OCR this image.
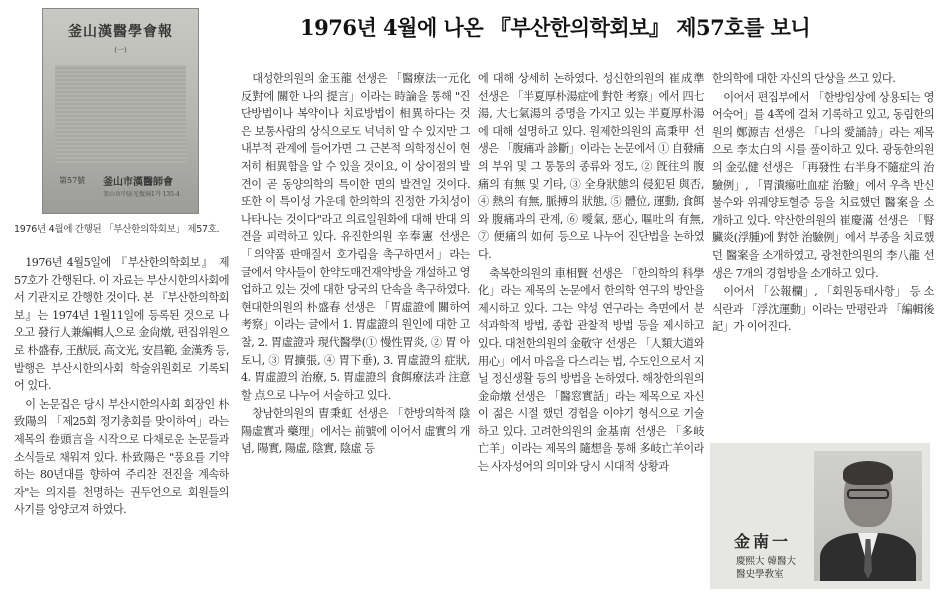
釜山漢醫學會報
(一)
第57號 釜山市漢醫師會
釜山市中區光復洞1가 135-4
1976년 4월에 간행된 「부산한의학회보」 제57호.
1976년 4월에 나온 『부산한의학회보』 제57호를 보니

1976년 4월5일에 『부산한의학회보』 제57호가 간행된다. 이 자료는 부산시한의사회에서 기관지로 간행한 것이다. 본 『부산한의학회보』는 1974년 1월11일에 등록된 것으로 나오고 發行人兼編輯人으로 金尙燉, 편집위원으로 朴盛春, 王猷辰, 高文光, 安昌範, 金漢秀 등, 발행은 부산시한의사회 학술위원회로 기록되어 있다.

이 논문집은 당시 부산시한의사회 회장인 朴致陽의 「제25회 정기총회를 맞이하여」라는 제목의 卷頭言을 시작으로 다채로운 논문들과 소식들로 채워져 있다. 朴致陽은 "풍요를 기약하는 80년대를 향하여 주리찬 전진을 계속하자"는 의지를 천명하는 권두언으로 회원들의 사기를 앙양코져 하였다.

대성한의원의 金玉龍 선생은 「醫療法一元化 反對에 關한 나의 提言」이라는 時論을 통해 "진단방법이나 복약이나 치료방법이 相異하다는 것은 보통사람의 상식으로도 넉넉히 알 수 있지만 그 내부적 관계에 들어가면 그 근본적 의학정신이 현저히 相異함을 알 수 있을 것이요, 이 상이점의 발견이 곧 동양의학의 특이한 면의 발견일 것이다. 또한 이 특이성 가운데 한의학의 진정한 가치성이 나타나는 것이다"라고 의료일원화에 대해 반대 의견을 피력하고 있다. 유진한의원 辛奉憲 선생은 「의약품 판매질서 호가림을 촉구하면서」라는 글에서 약사들이 한약도매건재약방을 개설하고 영업하고 있는 것에 대한 당국의 단속을 촉구하였다. 현대한의원의 朴盛春 선생은 「胃虛證에 關하여 考察」이라는 글에서 1. 胃虛證의 원인에 대한 고찰, 2. 胃虛證과 現代醫學(① 慢性胃炎, ② 胃 아토니, ③ 胃擴張, ④ 胃下垂), 3. 胃虛證의 症狀, 4. 胃虛證의 治療, 5. 胃虛證의 食餌療法과 注意할 点으로 나누어 서술하고 있다.

창남한의원의 曺秉虹 선생은 「한방의학적 陰陽虛實과 藥理」에서는 前號에 이어서 虛實의 개념, 陽實, 陽虛, 陰實, 陰虛 등

에 대해 상세히 논하였다. 성신한의원의 崔成準 선생은 「半夏厚朴湯症에 對한 考察」에서 四七湯, 大七氣湯의 증명을 가지고 있는 半夏厚朴湯에 대해 설명하고 있다. 원제한의원의 高秉甲 선생은 「腹痛과 診斷」이라는 논문에서 ① 自發痛의 부위 및 그 통통의 종류와 정도, ② 旣往의 腹痛의 有無 및 기타, ③ 全身狀態의 侵犯된 與否, ④ 熱의 有無, 脈搏의 狀態, ⑤ 體位, 運動, 食餌와 腹痛과의 관계, ⑥ 噯氣, 惡心, 嘔吐의 有無, ⑦ 便痛의 如何 등으로 나누어 진단법을 논하였다.

축복한의원의 車相賢 선생은 「한의학의 科學化」라는 제목의 논문에서 한의학 연구의 방안을 제시하고 있다. 그는 약성 연구라는 측면에서 분석과학적 방법, 종합 관찰적 방법 등을 제시하고 있다. 대천한의원의 金敬守 선생은 「人類大道와 用心」에서 마음을 다스리는 법, 수도인으로서 지닐 정신생활 등의 방법을 논하였다. 해창한의원의 金命燉 선생은 「醫窓實話」라는 제목으로 자신이 젊은 시절 했던 경험을 이야기 형식으로 기술하고 있다. 고려한의원의 金基南 선생은 「多岐亡羊」이라는 제목의 隨想을 통해 多岐亡羊이라는 사자성어의 의미와 당시 시대적 상황과

한의학에 대한 자신의 단상을 쓰고 있다.

이어서 편집부에서 「한방임상에 상용되는 영어숙어」를 4쪽에 걸쳐 기록하고 있고, 동림한의원의 鄭源吉 선생은 「나의 愛誦詩」라는 제목으로 李太白의 시를 풀이하고 있다. 광동한의원의 金弘健 선생은 「再發性 右半身不隨症의 治驗例」, 「胃潰瘍吐血症 治驗」에서 우측 반신불수와 위궤양토혈증 등을 치료했던 醫案을 소개하고 있다. 약산한의원의 崔慶滿 선생은 「腎臟炎(浮腫)에 對한 治驗例」에서 부종을 치료했던 醫案을 소개하였고, 광천한의원의 李八龍 선생은 7개의 경험방을 소개하고 있다.

이어서 「公報欄」, 「회원동태사항」 등 소식란과 「浮沈運動」이라는 만평란과 「編輯後記」가 이어진다.

金南一
慶熙大 韓醫大
醫史學敎室
